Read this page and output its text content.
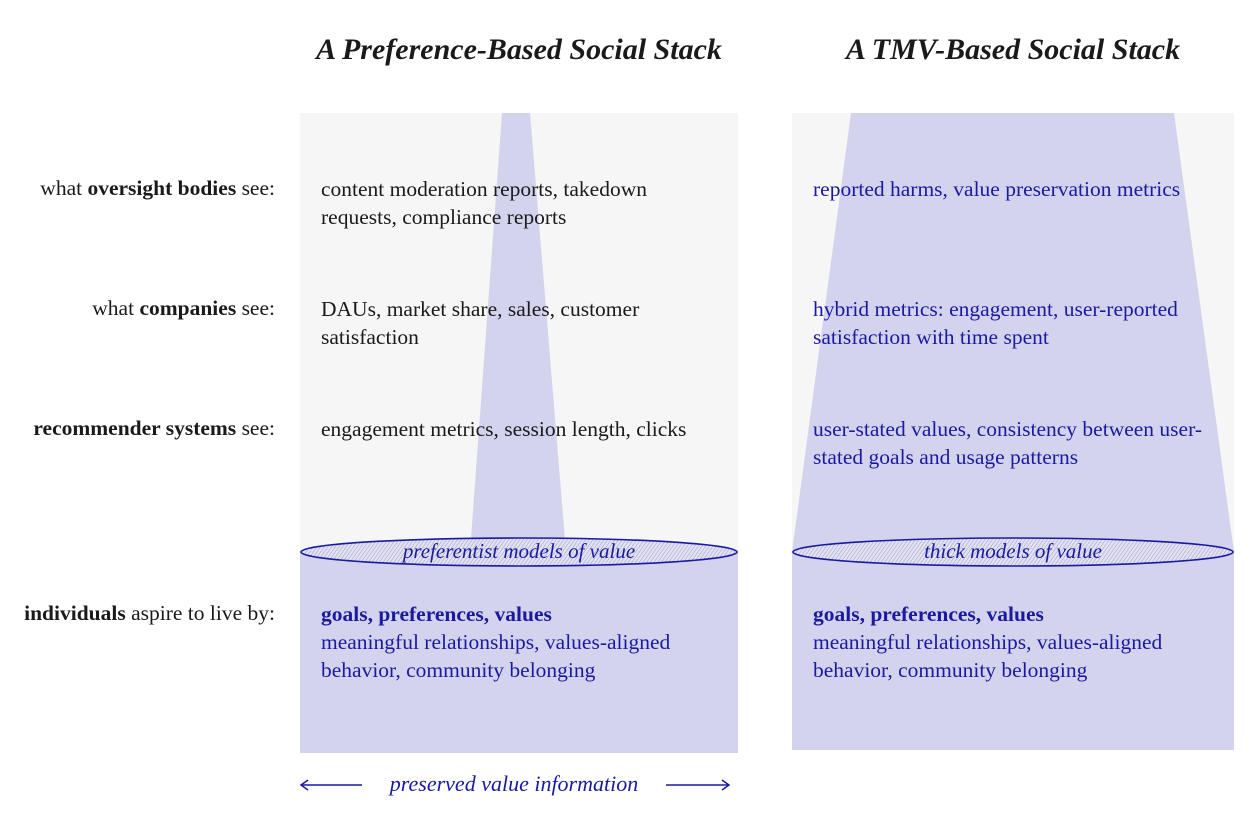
A Preference-Based Social Stack	A TMV-Based Social Stack
what oversight bodies see:
what companies see:
recommender systems see:
individuals aspire to live by:
content moderation reports, takedown requests, compliance reports
DAUs, market share, sales, customer satisfaction
engagement metrics, session length, clicks
preferentist models of value
goals, preferences, values
meaningful relationships, values-aligned behavior, community belonging
reported harms, value preservation metrics
hybrid metrics: engagement, user-reported satisfaction with time spent
user-stated values, consistency between user-stated goals and usage patterns
thick models of value
goals, preferences, values
meaningful relationships, values-aligned behavior, community belonging
preserved value information
